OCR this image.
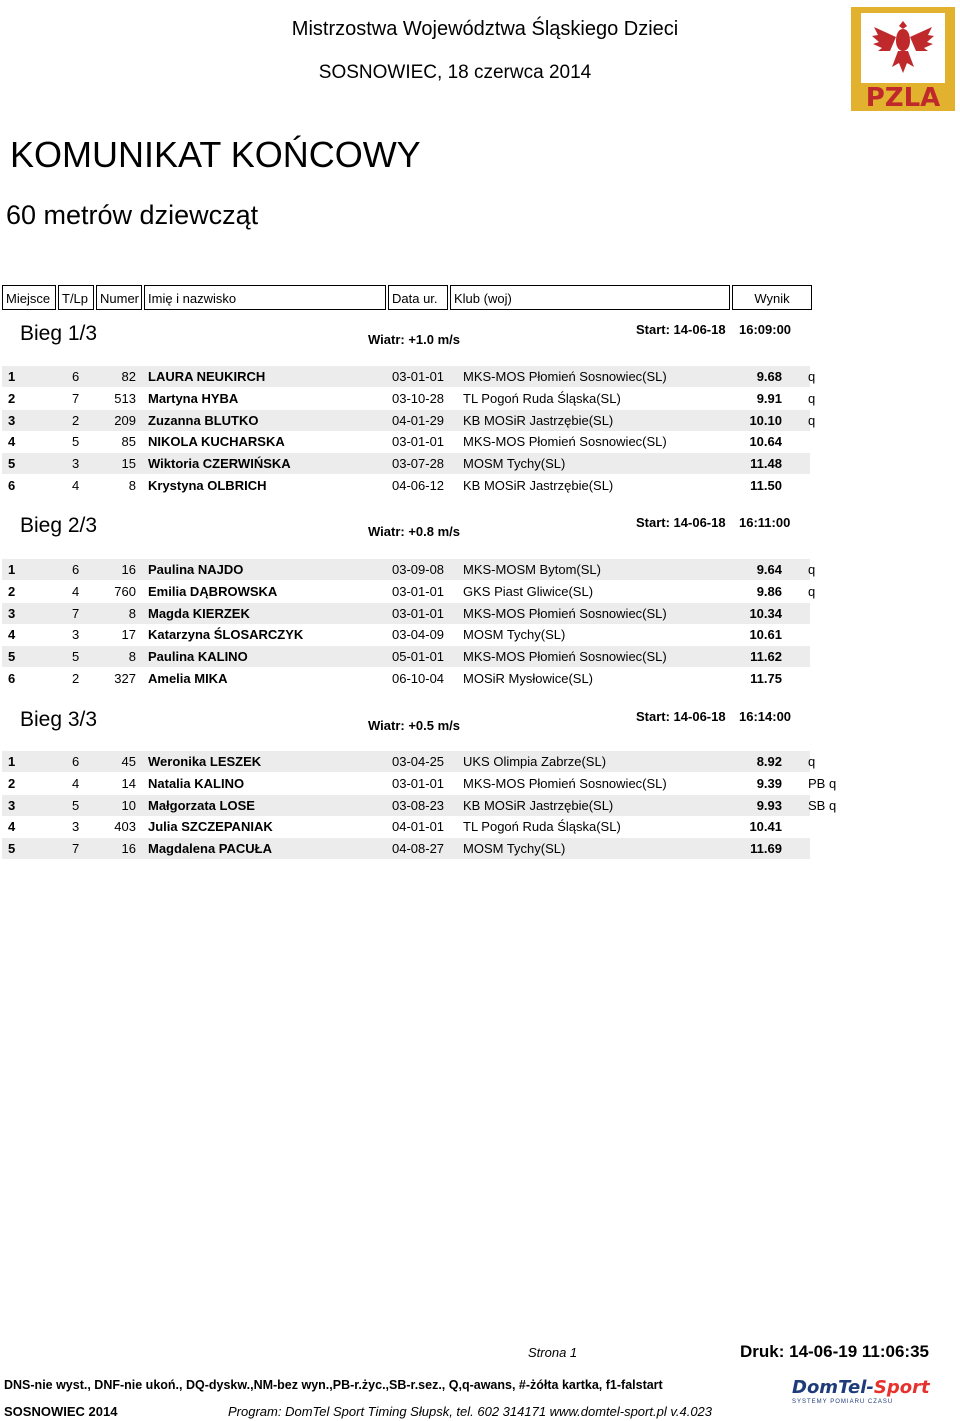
Mistrzostwa Województwa Śląskiego Dzieci
SOSNOWIEC, 18 czerwca 2014
PZLA
KOMUNIKAT KOŃCOWY
60 metrów dziewcząt
Miejsce T/Lp Numer Imię i nazwisko	Data ur.	Klub (woj)	Wynik
Bieg 1/3	Wiatr: +1.0 m/s
Start: 14-06-18 16:09:00
1	6	82 LAURA NEUKIRCH	03-01-01	MKS-MOS Płomień Sosnowiec(SL)	9.68 q
2	7	513 Martyna HYBA	03-10-28	TL Pogoń Ruda Śląska(SL)	9.91 q
3	2	209 Zuzanna BLUTKO	04-01-29	KB MOSiR Jastrzębie(SL)	10.10 q
4	5	85 NIKOLA KUCHARSKA	03-01-01	MKS-MOS Płomień Sosnowiec(SL)	10.64
5	3	15 Wiktoria CZERWIŃSKA	03-07-28	MOSM Tychy(SL)	11.48
6	4	8 Krystyna OLBRICH	04-06-12	KB MOSiR Jastrzębie(SL)	11.50
Bieg 2/3	Wiatr: +0.8 m/s
Start: 14-06-18 16:11:00
1	6	16 Paulina NAJDO	03-09-08	MKS-MOSM Bytom(SL)	9.64 q
2	4	760 Emilia DĄBROWSKA	03-01-01	GKS Piast Gliwice(SL)	9.86 q
3	7	8 Magda KIERZEK	03-01-01	MKS-MOS Płomień Sosnowiec(SL)	10.34
4	3	17 Katarzyna ŚLOSARCZYK	03-04-09	MOSM Tychy(SL)	10.61
5	5	8 Paulina KALINO	05-01-01	MKS-MOS Płomień Sosnowiec(SL)	11.62
6	2	327 Amelia MIKA	06-10-04	MOSiR Mysłowice(SL)	11.75
Bieg 3/3	Wiatr: +0.5 m/s
Start: 14-06-18 16:14:00
1	6	45 Weronika LESZEK	03-04-25	UKS Olimpia Zabrze(SL)	8.92 q
2	4	14 Natalia KALINO	03-01-01	MKS-MOS Płomień Sosnowiec(SL)	9.39 PB q
3	5	10 Małgorzata LOSE	03-08-23	KB MOSiR Jastrzębie(SL)	9.93 SB q
4	3	403 Julia SZCZEPANIAK	04-01-01	TL Pogoń Ruda Śląska(SL)	10.41
5	7	16 Magdalena PACUŁA	04-08-27	MOSM Tychy(SL)	11.69
Strona 1	Druk: 14-06-19 11:06:35
DNS-nie wyst., DNF-nie ukoń., DQ-dyskw.,NM-bez wyn.,PB-r.życ.,SB-r.sez., Q,q-awans, #-żółta kartka, f1-falstart
SOSNOWIEC 2014	Program: DomTel Sport Timing Słupsk, tel. 602 314171 www.domtel-sport.pl v.4.023
DomTel-Sport
SYSTEMY POMIARU CZASU
